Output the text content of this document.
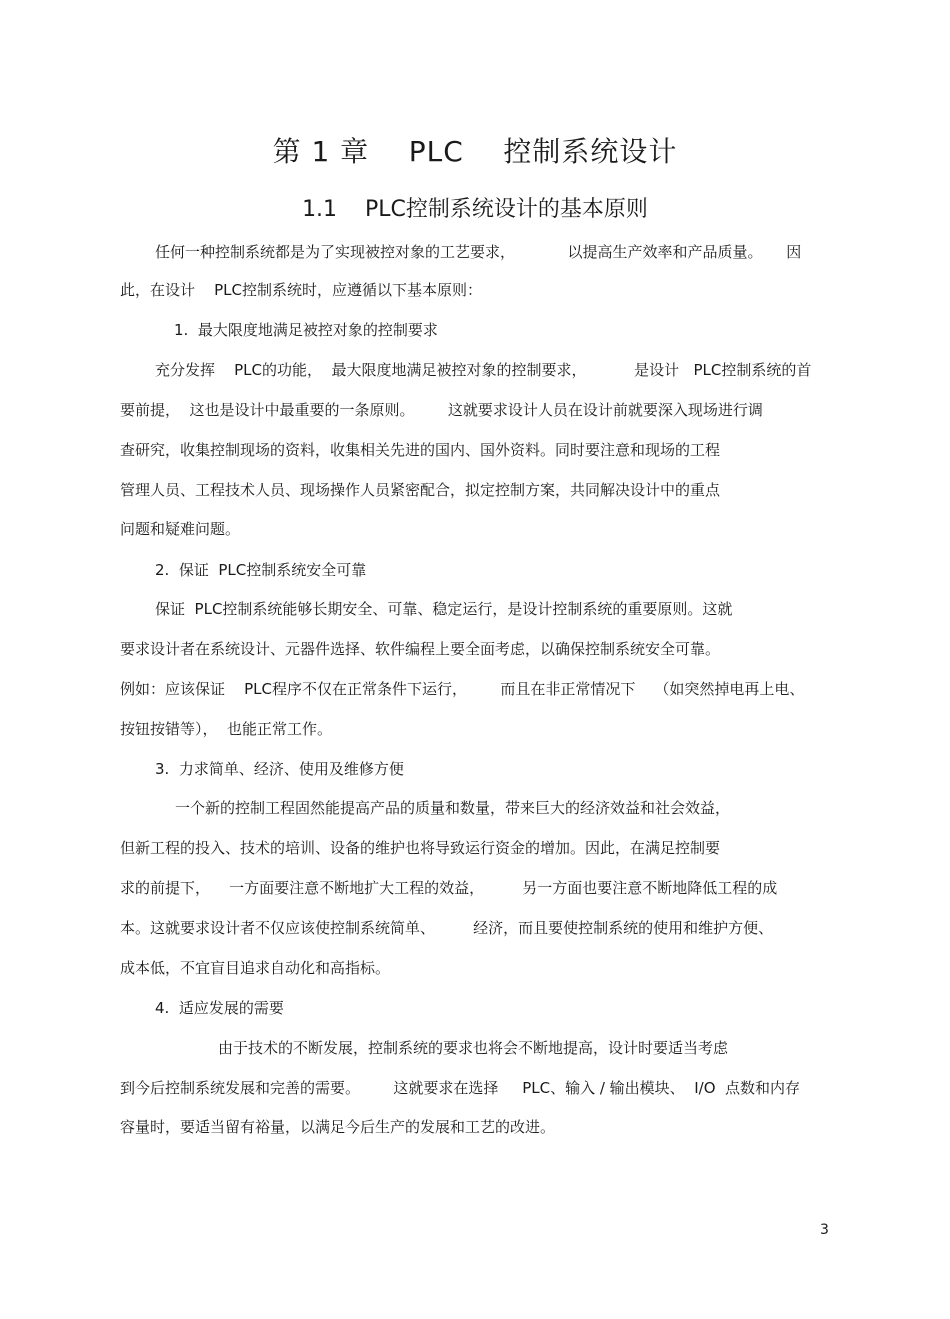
第 1 章    PLC    控制系统设计
1.1    PLC控制系统设计的基本原则

任何一种控制系统都是为了实现被控对象的工艺要求，           以提高生产效率和产品质量。     因

此，在设计    PLC控制系统时，应遵循以下基本原则：

1.  最大限度地满足被控对象的控制要求

充分发挥    PLC的功能，  最大限度地满足被控对象的控制要求，          是设计   PLC控制系统的首

要前提，  这也是设计中最重要的一条原则。       这就要求设计人员在设计前就要深入现场进行调

查研究，收集控制现场的资料，收集相关先进的国内、国外资料。同时要注意和现场的工程

管理人员、工程技术人员、现场操作人员紧密配合，拟定控制方案，共同解决设计中的重点

问题和疑难问题。

2.  保证  PLC控制系统安全可靠

保证  PLC控制系统能够长期安全、可靠、稳定运行，是设计控制系统的重要原则。这就

要求设计者在系统设计、元器件选择、软件编程上要全面考虑，以确保控制系统安全可靠。

例如：应该保证    PLC程序不仅在正常条件下运行，       而且在非正常情况下    （如突然掉电再上电、

按钮按错等），  也能正常工作。

3.  力求简单、经济、使用及维修方便

一个新的控制工程固然能提高产品的质量和数量，带来巨大的经济效益和社会效益，

但新工程的投入、技术的培训、设备的维护也将导致运行资金的增加。因此，在满足控制要

求的前提下，    一方面要注意不断地扩大工程的效益，        另一方面也要注意不断地降低工程的成

本。这就要求设计者不仅应该使控制系统简单、        经济，而且要使控制系统的使用和维护方便、

成本低，不宜盲目追求自动化和高指标。

4.  适应发展的需要

由于技术的不断发展，控制系统的要求也将会不断地提高，设计时要适当考虑

到今后控制系统发展和完善的需要。       这就要求在选择     PLC、输入 / 输出模块、  I/O  点数和内存

容量时，要适当留有裕量，以满足今后生产的发展和工艺的改进。

3
